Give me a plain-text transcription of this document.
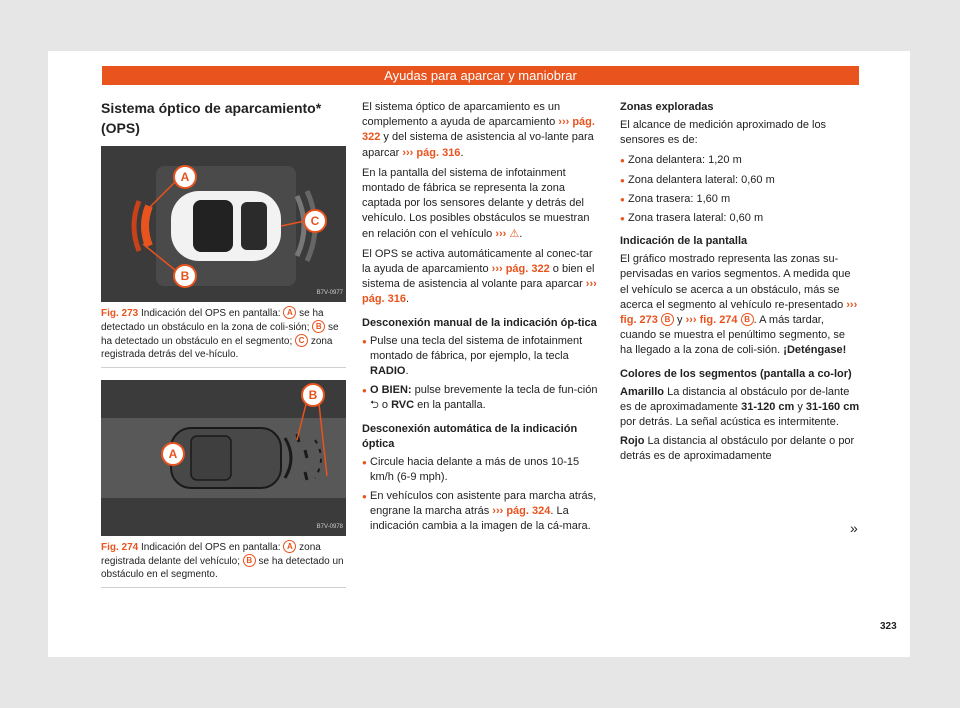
Ayudas para aparcar y maniobrar
Sistema óptico de aparcamiento* (OPS)
A
C
B
B7V-0977
Fig. 273 Indicación del OPS en pantalla: A se ha detectado un obstáculo en la zona de coli-sión; B se ha detectado un obstáculo en el segmento; C zona registrada detrás del ve-hículo.
B
A
B7V-0978
Fig. 274 Indicación del OPS en pantalla: A zona registrada delante del vehículo; B se ha detectado un obstáculo en el segmento.

El sistema óptico de aparcamiento es un complemento a ayuda de aparcamiento ››› pág. 322 y del sistema de asistencia al vo-lante para aparcar ››› pág. 316.

En la pantalla del sistema de infotainment montado de fábrica se representa la zona captada por los sensores delante y detrás del vehículo. Los posibles obstáculos se muestran en relación con el vehículo ››› ⚠.

El OPS se activa automáticamente al conec-tar la ayuda de aparcamiento ››› pág. 322 o bien el sistema de asistencia al volante para aparcar ››› pág. 316.

Desconexión manual de la indicación óp-tica
● Pulse una tecla del sistema de infotainment montado de fábrica, por ejemplo, la tecla RADIO.
● O BIEN: pulse brevemente la tecla de fun-ción ⮌ o RVC en la pantalla.
Desconexión automática de la indicación óptica
● Circule hacia delante a más de unos 10-15 km/h (6-9 mph).
● En vehículos con asistente para marcha atrás, engrane la marcha atrás ››› pág. 324. La indicación cambia a la imagen de la cá-mara.
Zonas exploradas

El alcance de medición aproximado de los sensores es de:

● Zona delantera: 1,20 m
● Zona delantera lateral: 0,60 m
● Zona trasera: 1,60 m
● Zona trasera lateral: 0,60 m
Indicación de la pantalla

El gráfico mostrado representa las zonas su-pervisadas en varios segmentos. A medida que el vehículo se acerca a un obstáculo, más se acerca el segmento al vehículo re-presentado ››› fig. 273 B y ››› fig. 274 B . A más tardar, cuando se muestra el penúltimo segmento, se ha llegado a la zona de coli-sión. ¡Deténgase!

Colores de los segmentos (pantalla a co-lor)
Amarillo La distancia al obstáculo por de-lante es de aproximadamente 31-120 cm y 31-160 cm por detrás. La señal acústica es intermitente.
Rojo La distancia al obstáculo por delante o por detrás es de aproximadamente
»
323
